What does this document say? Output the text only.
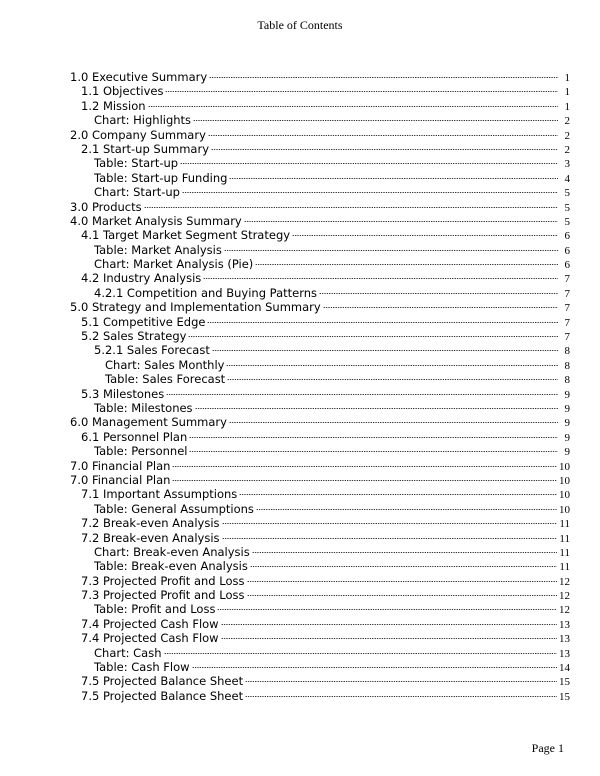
Table of Contents
1.0 Executive Summary	1
1.1 Objectives	1
1.2 Mission	1
Chart: Highlights	2
2.0 Company Summary	2
2.1 Start-up Summary	2
Table: Start-up	3
Table: Start-up Funding	4
Chart: Start-up	5
3.0 Products	5
4.0 Market Analysis Summary	5
4.1 Target Market Segment Strategy	6
Table: Market Analysis	6
Chart: Market Analysis (Pie)	6
4.2 Industry Analysis	7
4.2.1 Competition and Buying Patterns	7
5.0 Strategy and Implementation Summary	7
5.1 Competitive Edge	7
5.2 Sales Strategy	7
5.2.1 Sales Forecast	8
Chart: Sales Monthly	8
Table: Sales Forecast	8
5.3 Milestones	9
Table: Milestones	9
6.0 Management Summary	9
6.1 Personnel Plan	9
Table: Personnel	9
7.0 Financial Plan	10
7.0 Financial Plan	10
7.1 Important Assumptions	10
Table: General Assumptions	10
7.2 Break-even Analysis	11
7.2 Break-even Analysis	11
Chart: Break-even Analysis	11
Table: Break-even Analysis	11
7.3 Projected Profit and Loss	12
7.3 Projected Profit and Loss	12
Table: Profit and Loss	12
7.4 Projected Cash Flow	13
7.4 Projected Cash Flow	13
Chart: Cash	13
Table: Cash Flow	14
7.5 Projected Balance Sheet	15
7.5 Projected Balance Sheet	15
Page 1
